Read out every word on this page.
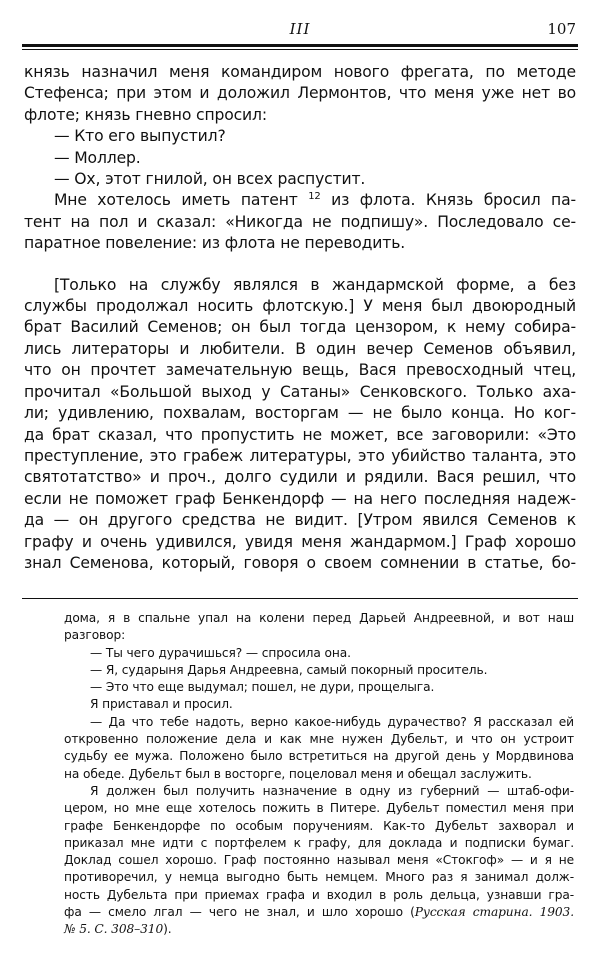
III	107

князь назначил меня командиром нового фрегата, по методе
Стефенса; при этом и доложил Лермонтов, что меня уже нет во
флоте; князь гневно спросил:

— Кто его выпустил?
— Моллер.
— Ох, этот гнилой, он всех распустит.

Мне хотелось иметь патент $^{12}$ из флота. Князь бросил па-
тент на пол и сказал: «Никогда не подпишу». Последовало се-
паратное повеление: из флота не переводить.

[Только на службу являлся в жандармской форме, а без
службы продолжал носить флотскую.] У меня был двоюродный
брат Василий Семенов; он был тогда цензором, к нему собира-
лись литераторы и любители. В один вечер Семенов объявил,
что он прочтет замечательную вещь, Вася превосходный чтец,
прочитал «Большой выход у Сатаны» Сенковского. Только аха-
ли; удивлению, похвалам, восторгам — не было конца. Но ког-
да брат сказал, что пропустить не может, все заговорили: «Это
преступление, это грабеж литературы, это убийство таланта, это
святотатство» и проч., долго судили и рядили. Вася решил, что
если не поможет граф Бенкендорф — на него последняя надеж-
да — он другого средства не видит. [Утром явился Семенов к
графу и очень удивился, увидя меня жандармом.] Граф хорошо
знал Семенова, который, говоря о своем сомнении в статье, бо-

дома, я в спальне упал на колени перед Дарьей Андреевной, и вот наш
разговор:
— Ты чего дурачишься? — спросила она.
— Я, сударыня Дарья Андреевна, самый покорный проситель.
— Это что еще выдумал; пошел, не дури, прощелыга.
Я приставал и просил.
— Да что тебе надоть, верно какое-нибудь дурачество? Я рассказал ей
откровенно положение дела и как мне нужен Дубельт, и что он устроит
судьбу ее мужа. Положено было встретиться на другой день у Мордвинова
на обеде. Дубельт был в восторге, поцеловал меня и обещал заслужить.
Я должен был получить назначение в одну из губерний — штаб-офи-
цером, но мне еще хотелось пожить в Питере. Дубельт поместил меня при
графе Бенкендорфе по особым поручениям. Как-то Дубельт захворал и
приказал мне идти с портфелем к графу, для доклада и подписки бумаг.
Доклад сошел хорошо. Граф постоянно называл меня «Стокгоф» — и я не
противоречил, у немца выгодно быть немцем. Много раз я занимал долж-
ность Дубельта при приемах графа и входил в роль дельца, узнавши гра-
фа — смело лгал — чего не знал, и шло хорошо (Русская старина. 1903.
№ 5. С. 308–310).
